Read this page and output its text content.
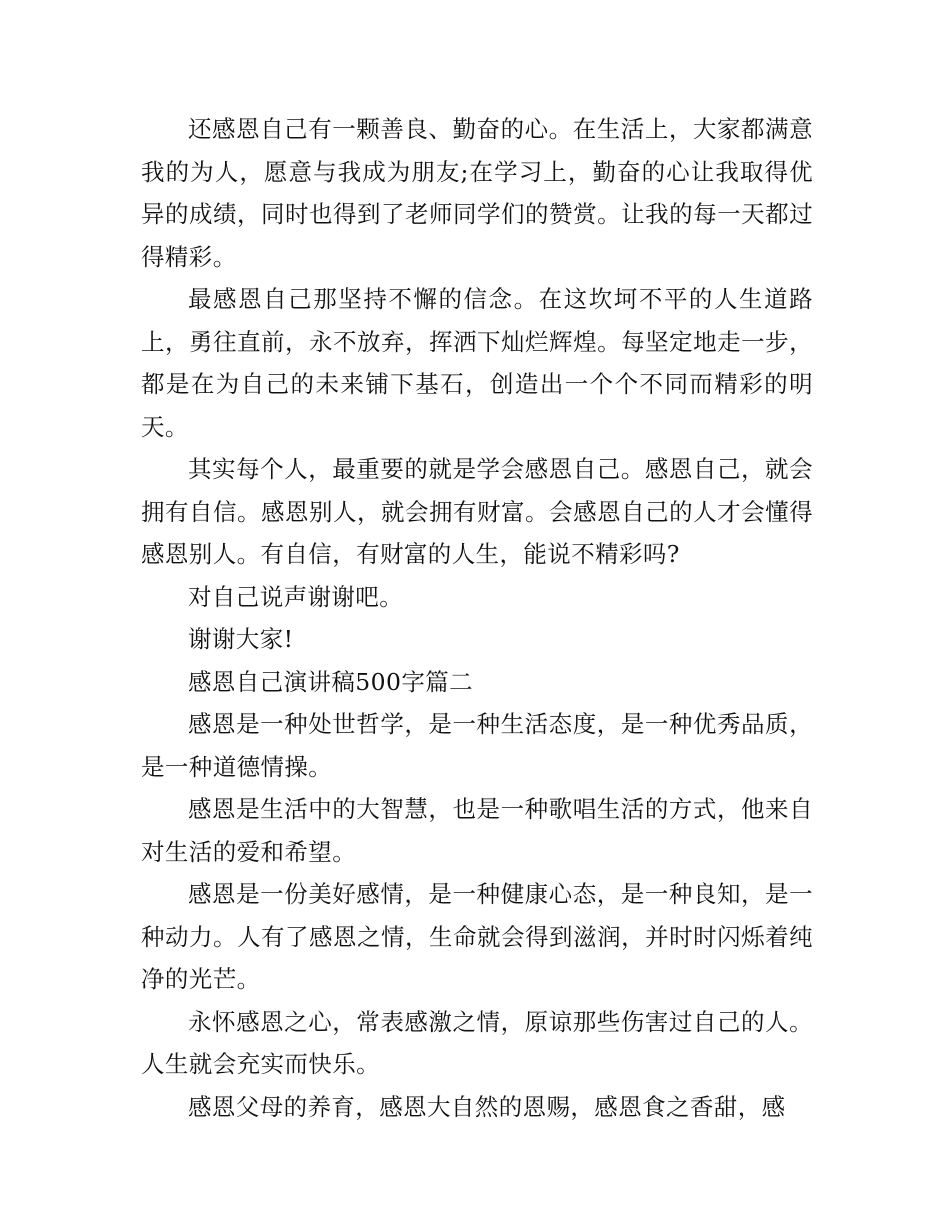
还感恩自己有一颗善良、勤奋的心。在生活上，大家都满意我的为人，愿意与我成为朋友;在学习上，勤奋的心让我取得优异的成绩，同时也得到了老师同学们的赞赏。让我的每一天都过得精彩。

最感恩自己那坚持不懈的信念。在这坎坷不平的人生道路上，勇往直前，永不放弃，挥洒下灿烂辉煌。每坚定地走一步，都是在为自己的未来铺下基石，创造出一个个不同而精彩的明天。

其实每个人，最重要的就是学会感恩自己。感恩自己，就会拥有自信。感恩别人，就会拥有财富。会感恩自己的人才会懂得感恩别人。有自信，有财富的人生，能说不精彩吗?

对自己说声谢谢吧。

谢谢大家!

感恩自己演讲稿500字篇二

感恩是一种处世哲学，是一种生活态度，是一种优秀品质，是一种道德情操。

感恩是生活中的大智慧，也是一种歌唱生活的方式，他来自对生活的爱和希望。

感恩是一份美好感情，是一种健康心态，是一种良知，是一种动力。人有了感恩之情，生命就会得到滋润，并时时闪烁着纯净的光芒。

永怀感恩之心，常表感激之情，原谅那些伤害过自己的人。人生就会充实而快乐。

感恩父母的养育，感恩大自然的恩赐，感恩食之香甜，感
